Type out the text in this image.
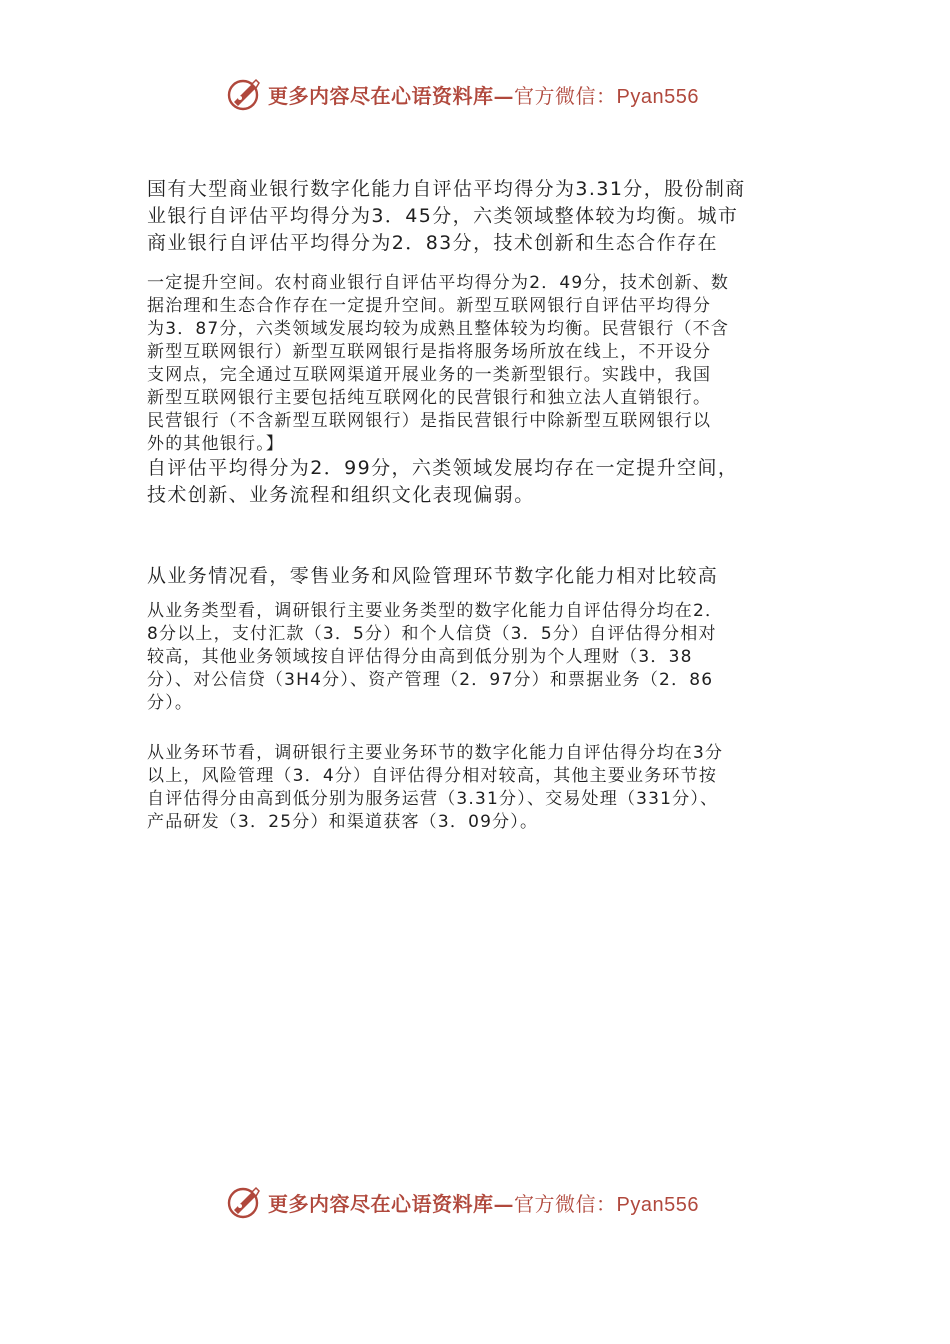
更多内容尽在心语资料库—官方微信：Pyan556

国有大型商业银行数字化能力自评估平均得分为3.31分，股份制商
业银行自评估平均得分为3．45分，六类领域整体较为均衡。城市
商业银行自评估平均得分为2．83分，技术创新和生态合作存在

一定提升空间。农村商业银行自评估平均得分为2．49分，技术创新、数
据治理和生态合作存在一定提升空间。新型互联网银行自评估平均得分
为3．87分，六类领域发展均较为成熟且整体较为均衡。民营银行（不含
新型互联网银行）新型互联网银行是指将服务场所放在线上，不开设分
支网点，完全通过互联网渠道开展业务的一类新型银行。实践中，我国
新型互联网银行主要包括纯互联网化的民营银行和独立法人直销银行。
民营银行（不含新型互联网银行）是指民营银行中除新型互联网银行以
外的其他银行。】

自评估平均得分为2．99分，六类领域发展均存在一定提升空间，
技术创新、业务流程和组织文化表现偏弱。

从业务情况看，零售业务和风险管理环节数字化能力相对比较高

从业务类型看，调研银行主要业务类型的数字化能力自评估得分均在2．
8分以上，支付汇款（3．5分）和个人信贷（3．5分）自评估得分相对
较高，其他业务领域按自评估得分由高到低分别为个人理财（3．38
分）、对公信贷（3H4分）、资产管理（2．97分）和票据业务（2．86
分）。

从业务环节看，调研银行主要业务环节的数字化能力自评估得分均在3分
以上，风险管理（3．4分）自评估得分相对较高，其他主要业务环节按
自评估得分由高到低分别为服务运营（3.31分）、交易处理（331分）、
产品研发（3．25分）和渠道获客（3．09分）。

更多内容尽在心语资料库—官方微信：Pyan556
